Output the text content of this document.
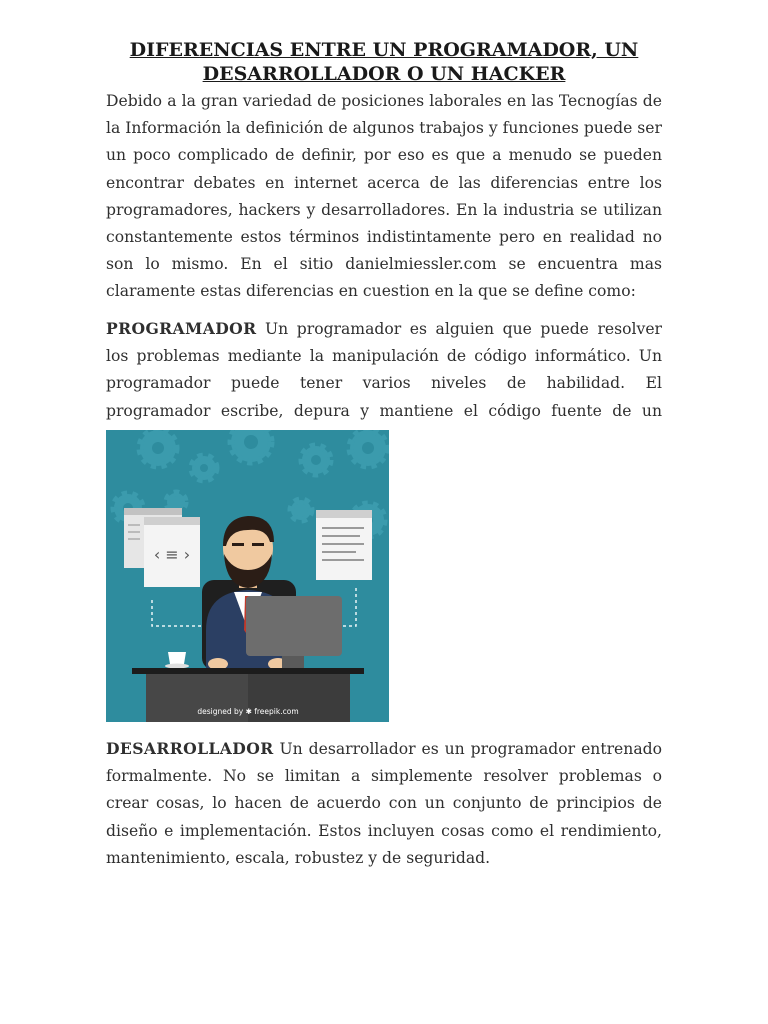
DIFERENCIAS ENTRE UN PROGRAMADOR, UN DESARROLLADOR O UN HACKER

Debido a la gran variedad de posiciones laborales en las Tecnogías de la Información la definición de algunos trabajos y funciones puede ser un poco complicado de definir, por eso es que a menudo se pueden encontrar debates en internet acerca de las diferencias entre los programadores, hackers y desarrolladores. En la industria se utilizan constantemente estos términos indistintamente pero en realidad no son lo mismo. En el sitio danielmiessler.com se encuentra mas claramente estas diferencias en cuestion en la que se define como:

PROGRAMADOR Un programador es alguien que puede resolver los problemas mediante la manipulación de código informático. Un programador puede tener varios niveles de habilidad. El programador escribe, depura y mantiene el código fuente de un

‹ ≡ ›
designed by ✱ freepik.com

DESARROLLADOR Un desarrollador es un programador entrenado formalmente. No se limitan a simplemente resolver problemas o crear cosas, lo hacen de acuerdo con un conjunto de principios de diseño e implementación. Estos incluyen cosas como el rendimiento, mantenimiento, escala, robustez y de seguridad.
